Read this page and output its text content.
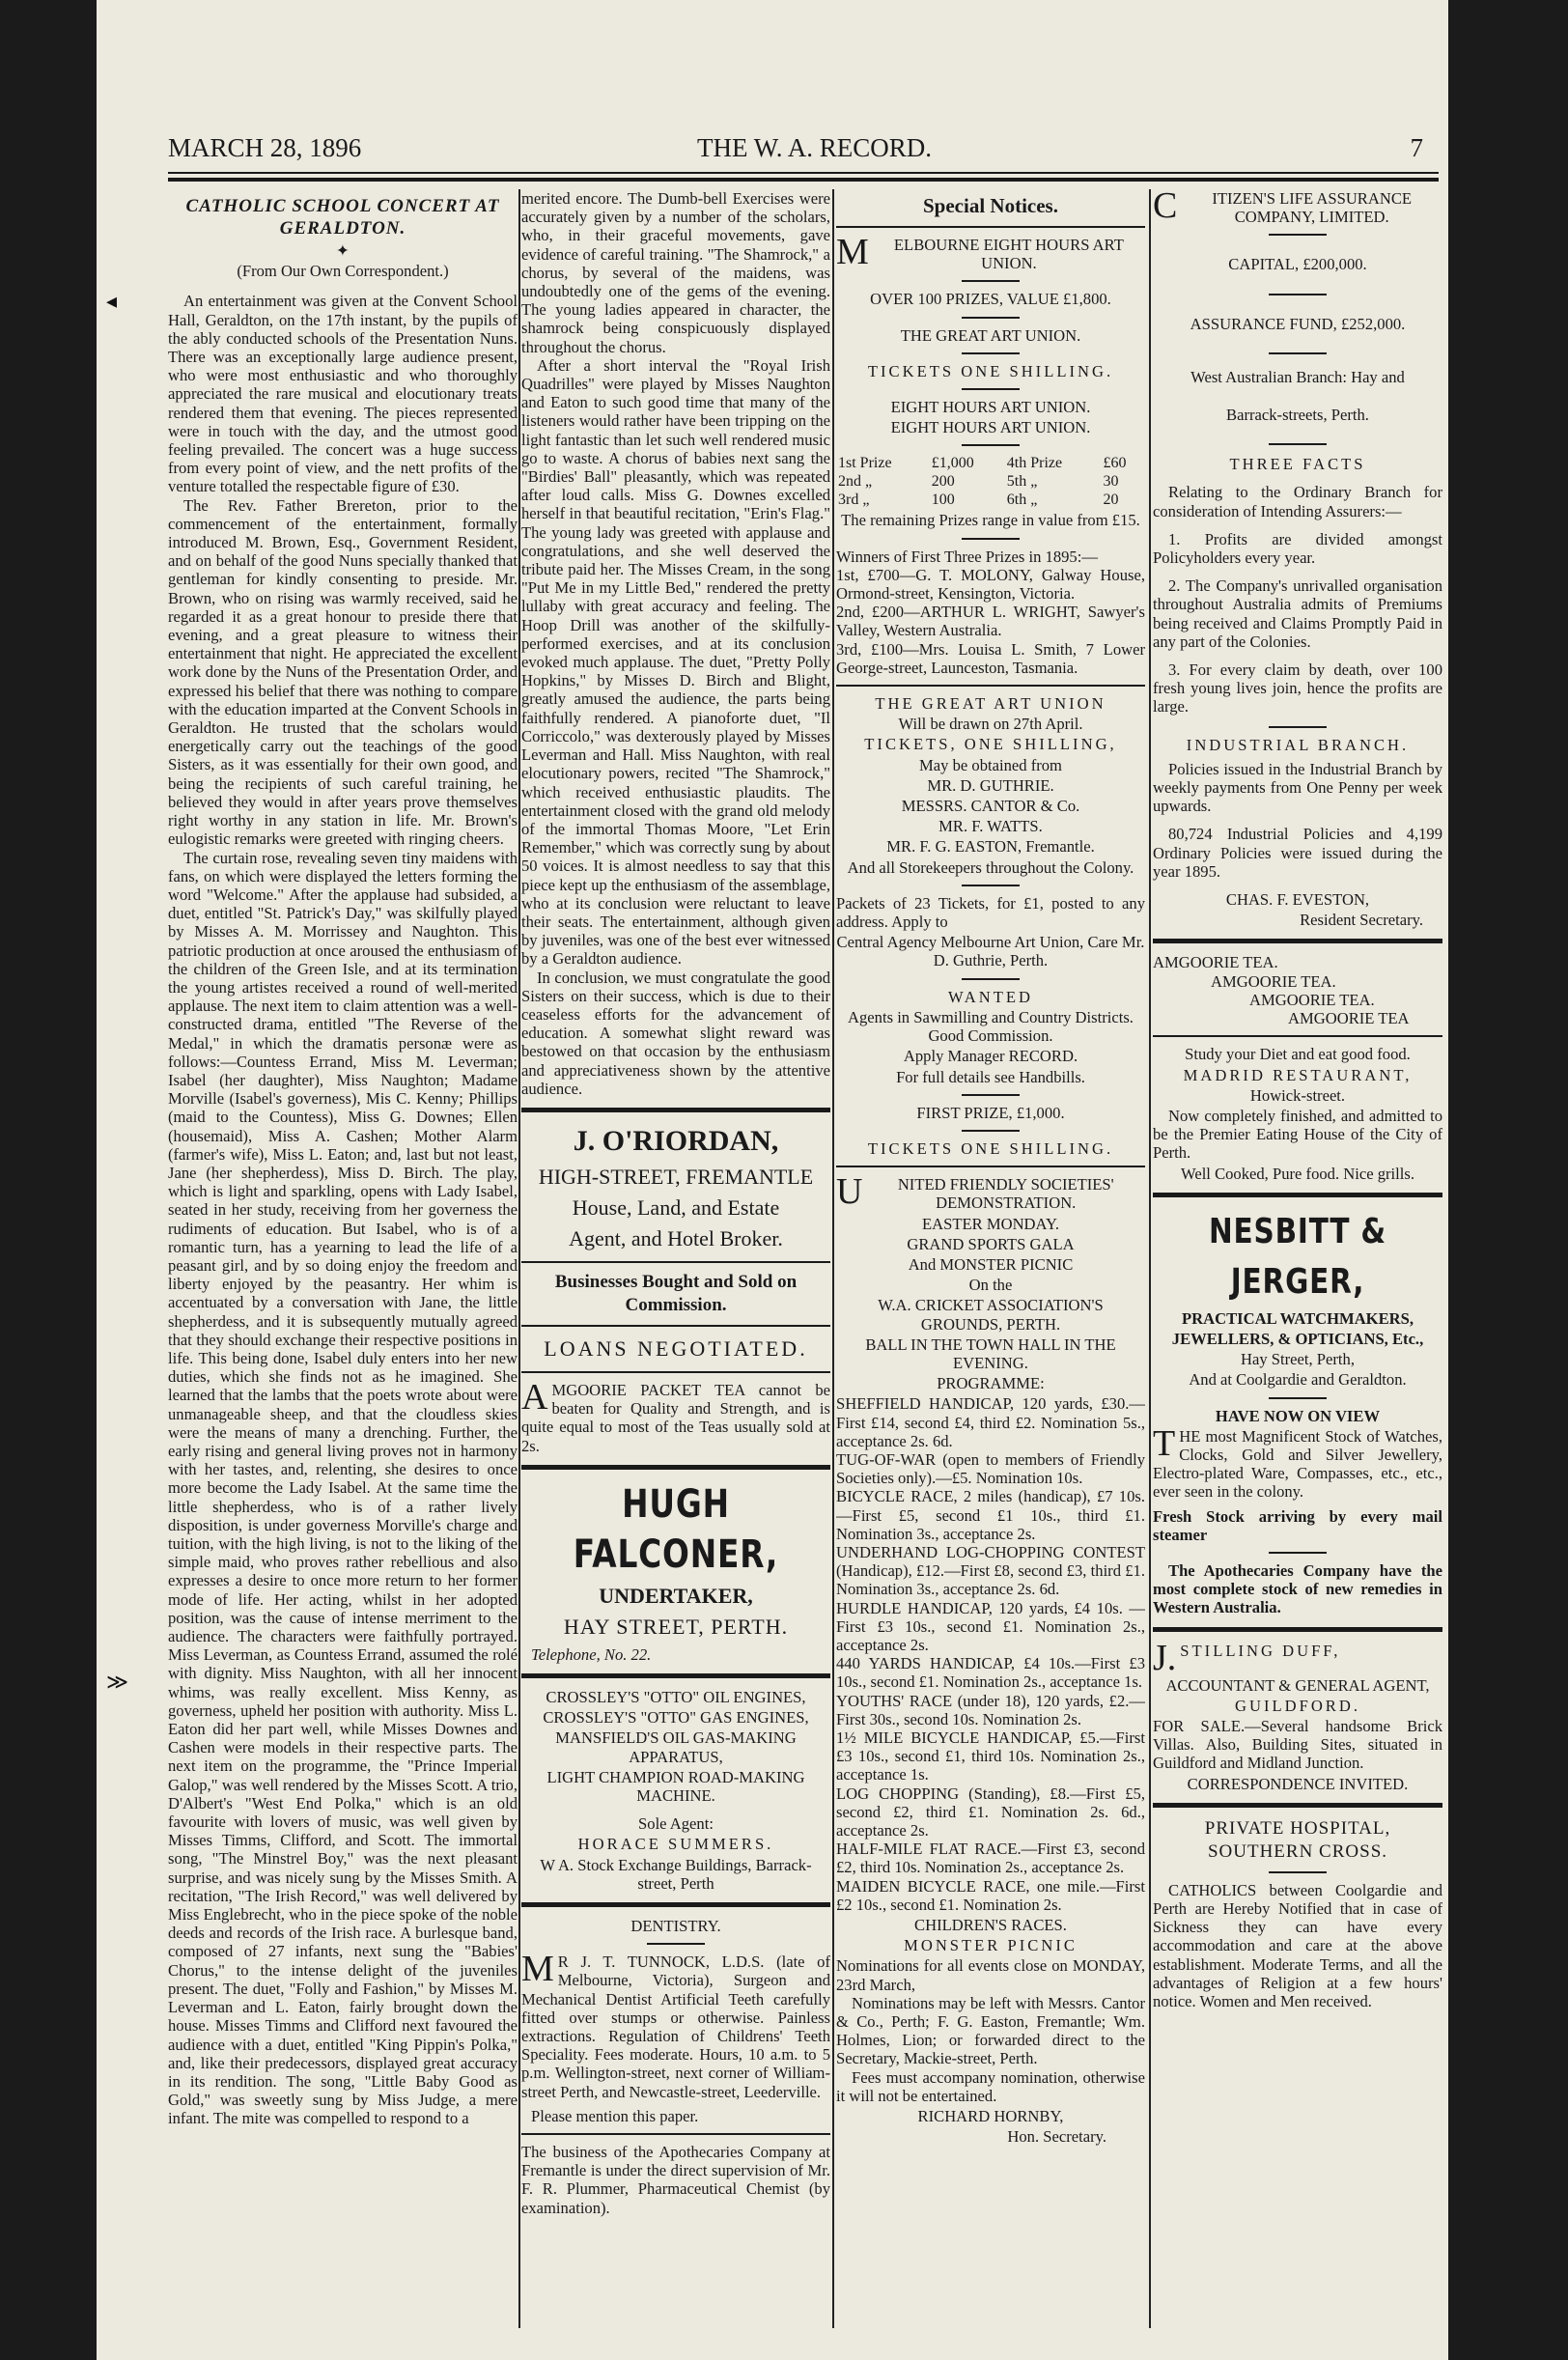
◂
≫
MARCH 28, 1896	THE W. A. RECORD.	7
CATHOLIC SCHOOL CONCERT AT GERALDTON.
✦
(From Our Own Correspondent.)

An entertainment was given at the Convent School Hall, Geraldton, on the 17th instant, by the pupils of the ably conducted schools of the Presentation Nuns. There was an exceptionally large audience present, who were most enthusiastic and who thoroughly appreciated the rare musical and elocutionary treats rendered them that evening. The pieces represented were in touch with the day, and the utmost good feeling prevailed. The concert was a huge success from every point of view, and the nett profits of the venture totalled the respectable figure of £30.

The Rev. Father Brereton, prior to the commencement of the entertainment, formally introduced M. Brown, Esq., Government Resident, and on behalf of the good Nuns specially thanked that gentleman for kindly consenting to preside. Mr. Brown, who on rising was warmly received, said he regarded it as a great honour to preside there that evening, and a great pleasure to witness their entertainment that night. He appreciated the excellent work done by the Nuns of the Presentation Order, and expressed his belief that there was nothing to compare with the education imparted at the Convent Schools in Geraldton. He trusted that the scholars would energetically carry out the teachings of the good Sisters, as it was essentially for their own good, and being the recipients of such careful training, he believed they would in after years prove themselves right worthy in any station in life. Mr. Brown's eulogistic remarks were greeted with ringing cheers.

The curtain rose, revealing seven tiny maidens with fans, on which were displayed the letters forming the word "Welcome." After the applause had subsided, a duet, entitled "St. Patrick's Day," was skilfully played by Misses A. M. Morrissey and Naughton. This patriotic production at once aroused the enthusiasm of the children of the Green Isle, and at its termination the young artistes received a round of well-merited applause. The next item to claim attention was a well-constructed drama, entitled "The Reverse of the Medal," in which the dramatis personæ were as follows:—Countess Errand, Miss M. Leverman; Isabel (her daughter), Miss Naughton; Madame Morville (Isabel's governess), Mis C. Kenny; Phillips (maid to the Countess), Miss G. Downes; Ellen (housemaid), Miss A. Cashen; Mother Alarm (farmer's wife), Miss L. Eaton; and, last but not least, Jane (her shepherdess), Miss D. Birch. The play, which is light and sparkling, opens with Lady Isabel, seated in her study, receiving from her governess the rudiments of education. But Isabel, who is of a romantic turn, has a yearning to lead the life of a peasant girl, and by so doing enjoy the freedom and liberty enjoyed by the peasantry. Her whim is accentuated by a conversation with Jane, the little shepherdess, and it is subsequently mutually agreed that they should exchange their respective positions in life. This being done, Isabel duly enters into her new duties, which she finds not as he imagined. She learned that the lambs that the poets wrote about were unmanageable sheep, and that the cloudless skies were the means of many a drenching. Further, the early rising and general living proves not in harmony with her tastes, and, relenting, she desires to once more become the Lady Isabel. At the same time the little shepherdess, who is of a rather lively disposition, is under governess Morville's charge and tuition, with the high living, is not to the liking of the simple maid, who proves rather rebellious and also expresses a desire to once more return to her former mode of life. Her acting, whilst in her adopted position, was the cause of intense merriment to the audience. The characters were faithfully portrayed. Miss Leverman, as Countess Errand, assumed the rolé with dignity. Miss Naughton, with all her innocent whims, was really excellent. Miss Kenny, as governess, upheld her position with authority. Miss L. Eaton did her part well, while Misses Downes and Cashen were models in their respective parts. The next item on the programme, the "Prince Imperial Galop," was well rendered by the Misses Scott. A trio, D'Albert's "West End Polka," which is an old favourite with lovers of music, was well given by Misses Timms, Clifford, and Scott. The immortal song, "The Minstrel Boy," was the next pleasant surprise, and was nicely sung by the Misses Smith. A recitation, "The Irish Record," was well delivered by Miss Englebrecht, who in the piece spoke of the noble deeds and records of the Irish race. A burlesque band, composed of 27 infants, next sung the "Babies' Chorus," to the intense delight of the juveniles present. The duet, "Folly and Fashion," by Misses M. Leverman and L. Eaton, fairly brought down the house. Misses Timms and Clifford next favoured the audience with a duet, entitled "King Pippin's Polka," and, like their predecessors, displayed great accuracy in its rendition. The song, "Little Baby Good as Gold," was sweetly sung by Miss Judge, a mere infant. The mite was compelled to respond to a

merited encore. The Dumb-bell Exercises were accurately given by a number of the scholars, who, in their graceful movements, gave evidence of careful training. "The Shamrock," a chorus, by several of the maidens, was undoubtedly one of the gems of the evening. The young ladies appeared in character, the shamrock being conspicuously displayed throughout the chorus.

After a short interval the "Royal Irish Quadrilles" were played by Misses Naughton and Eaton to such good time that many of the listeners would rather have been tripping on the light fantastic than let such well rendered music go to waste. A chorus of babies next sang the "Birdies' Ball" pleasantly, which was repeated after loud calls. Miss G. Downes excelled herself in that beautiful recitation, "Erin's Flag." The young lady was greeted with applause and congratulations, and she well deserved the tribute paid her. The Misses Cream, in the song "Put Me in my Little Bed," rendered the pretty lullaby with great accuracy and feeling. The Hoop Drill was another of the skilfully-performed exercises, and at its conclusion evoked much applause. The duet, "Pretty Polly Hopkins," by Misses D. Birch and Blight, greatly amused the audience, the parts being faithfully rendered. A pianoforte duet, "Il Corriccolo," was dexterously played by Misses Leverman and Hall. Miss Naughton, with real elocutionary powers, recited "The Shamrock," which received enthusiastic plaudits. The entertainment closed with the grand old melody of the immortal Thomas Moore, "Let Erin Remember," which was correctly sung by about 50 voices. It is almost needless to say that this piece kept up the enthusiasm of the assemblage, who at its conclusion were reluctant to leave their seats. The entertainment, although given by juveniles, was one of the best ever witnessed by a Geraldton audience.

In conclusion, we must congratulate the good Sisters on their success, which is due to their ceaseless efforts for the advancement of education. A somewhat slight reward was bestowed on that occasion by the enthusiasm and appreciativeness shown by the attentive audience.

J. O'RIORDAN,
HIGH-STREET, FREMANTLE
House, Land, and Estate
Agent, and Hotel Broker.
Businesses Bought and Sold on Commission.
LOANS NEGOTIATED.
AMGOORIE PACKET TEA cannot be beaten for Quality and Strength, and is quite equal to most of the Teas usually sold at 2s.
HUGH FALCONER,
UNDERTAKER,
HAY STREET, PERTH.
Telephone, No. 22.
CROSSLEY'S "OTTO" OIL ENGINES,
CROSSLEY'S "OTTO" GAS ENGINES,
MANSFIELD'S OIL GAS-MAKING APPARATUS,
LIGHT CHAMPION ROAD-MAKING MACHINE.
Sole Agent:
HORACE SUMMERS.
W A. Stock Exchange Buildings, Barrack-street, Perth
DENTISTRY.
M R J. T. TUNNOCK, L.D.S. (late of Melbourne, Victoria), Surgeon and Mechanical Dentist Artificial Teeth carefully fitted over stumps or otherwise. Painless extractions. Regulation of Childrens' Teeth Speciality. Fees moderate. Hours, 10 a.m. to 5 p.m. Wellington-street, next corner of William-street Perth, and Newcastle-street, Leederville.
Please mention this paper.

The business of the Apothecaries Company at Fremantle is under the direct supervision of Mr. F. R. Plummer, Pharmaceutical Chemist (by examination).

Special Notices.
M ELBOURNE EIGHT HOURS ART UNION.
OVER 100 PRIZES, VALUE £1,800.
THE GREAT ART UNION.
TICKETS ONE SHILLING.
EIGHT HOURS ART UNION.
EIGHT HOURS ART UNION.
1st Prize	£1,000	4th Prize	£60
2nd „	200	5th „	30
3rd „	100	6th „	20
The remaining Prizes range in value from £15.

Winners of First Three Prizes in 1895:—

1st, £700—G. T. MOLONY, Galway House, Ormond-street, Kensington, Victoria.

2nd, £200—ARTHUR L. WRIGHT, Sawyer's Valley, Western Australia.

3rd, £100—Mrs. Louisa L. Smith, 7 Lower George-street, Launceston, Tasmania.

THE GREAT ART UNION
Will be drawn on 27th April.
TICKETS, ONE SHILLING,
May be obtained from
MR. D. GUTHRIE.
MESSRS. CANTOR & Co.
MR. F. WATTS.
MR. F. G. EASTON, Fremantle.
And all Storekeepers throughout the Colony.

Packets of 23 Tickets, for £1, posted to any address. Apply to

Central Agency Melbourne Art Union, Care Mr. D. Guthrie, Perth.
WANTED
Agents in Sawmilling and Country Districts. Good Commission.
Apply Manager RECORD.
For full details see Handbills.
FIRST PRIZE, £1,000.
TICKETS ONE SHILLING.
U NITED FRIENDLY SOCIETIES' DEMONSTRATION.
EASTER MONDAY.
GRAND SPORTS GALA
And MONSTER PICNIC
On the
W.A. CRICKET ASSOCIATION'S GROUNDS, PERTH.
BALL IN THE TOWN HALL IN THE EVENING.
PROGRAMME:

SHEFFIELD HANDICAP, 120 yards, £30.—First £14, second £4, third £2. Nomination 5s., acceptance 2s. 6d.

TUG-OF-WAR (open to members of Friendly Societies only).—£5. Nomination 10s.

BICYCLE RACE, 2 miles (handicap), £7 10s.—First £5, second £1 10s., third £1. Nomination 3s., acceptance 2s.

UNDERHAND LOG-CHOPPING CONTEST (Handicap), £12.—First £8, second £3, third £1. Nomination 3s., acceptance 2s. 6d.

HURDLE HANDICAP, 120 yards, £4 10s. —First £3 10s., second £1. Nomination 2s., acceptance 2s.

440 YARDS HANDICAP, £4 10s.—First £3 10s., second £1. Nomination 2s., acceptance 1s.

YOUTHS' RACE (under 18), 120 yards, £2.—First 30s., second 10s. Nomination 2s.

1½ MILE BICYCLE HANDICAP, £5.—First £3 10s., second £1, third 10s. Nomination 2s., acceptance 1s.

LOG CHOPPING (Standing), £8.—First £5, second £2, third £1. Nomination 2s. 6d., acceptance 2s.

HALF-MILE FLAT RACE.—First £3, second £2, third 10s. Nomination 2s., acceptance 2s.

MAIDEN BICYCLE RACE, one mile.—First £2 10s., second £1. Nomination 2s.

CHILDREN'S RACES.
MONSTER PICNIC

Nominations for all events close on MONDAY, 23rd March,

Nominations may be left with Messrs. Cantor & Co., Perth; F. G. Easton, Fremantle; Wm. Holmes, Lion; or forwarded direct to the Secretary, Mackie-street, Perth.

Fees must accompany nomination, otherwise it will not be entertained.

RICHARD HORNBY,
Hon. Secretary.
C ITIZEN'S LIFE ASSURANCE COMPANY, LIMITED.
CAPITAL, £200,000.
ASSURANCE FUND, £252,000.
West Australian Branch: Hay and
Barrack-streets, Perth.
THREE FACTS

Relating to the Ordinary Branch for consideration of Intending Assurers:—

1. Profits are divided amongst Policyholders every year.

2. The Company's unrivalled organisation throughout Australia admits of Premiums being received and Claims Promptly Paid in any part of the Colonies.

3. For every claim by death, over 100 fresh young lives join, hence the profits are large.

INDUSTRIAL BRANCH.

Policies issued in the Industrial Branch by weekly payments from One Penny per week upwards.

80,724 Industrial Policies and 4,199 Ordinary Policies were issued during the year 1895.

CHAS. F. EVESTON,
Resident Secretary.
AMGOORIE TEA.
AMGOORIE TEA.
AMGOORIE TEA.
AMGOORIE TEA
Study your Diet and eat good food.
MADRID RESTAURANT,
Howick-street.

Now completely finished, and admitted to be the Premier Eating House of the City of Perth.

Well Cooked, Pure food. Nice grills.
NESBITT & JERGER,
PRACTICAL WATCHMAKERS,
JEWELLERS, & OPTICIANS, Etc.,
Hay Street, Perth,
And at Coolgardie and Geraldton.
HAVE NOW ON VIEW
THE most Magnificent Stock of Watches, Clocks, Gold and Silver Jewellery, Electro-plated Ware, Compasses, etc., etc., ever seen in the colony.
Fresh Stock arriving by every mail steamer

The Apothecaries Company have the most complete stock of new remedies in Western Australia.

J. STILLING DUFF,
ACCOUNTANT & GENERAL AGENT,
GUILDFORD.

FOR SALE.—Several handsome Brick Villas. Also, Building Sites, situated in Guildford and Midland Junction.

CORRESPONDENCE INVITED.
PRIVATE HOSPITAL, SOUTHERN CROSS.

CATHOLICS between Coolgardie and Perth are Hereby Notified that in case of Sickness they can have every accommodation and care at the above establishment. Moderate Terms, and all the advantages of Religion at a few hours' notice. Women and Men received.
